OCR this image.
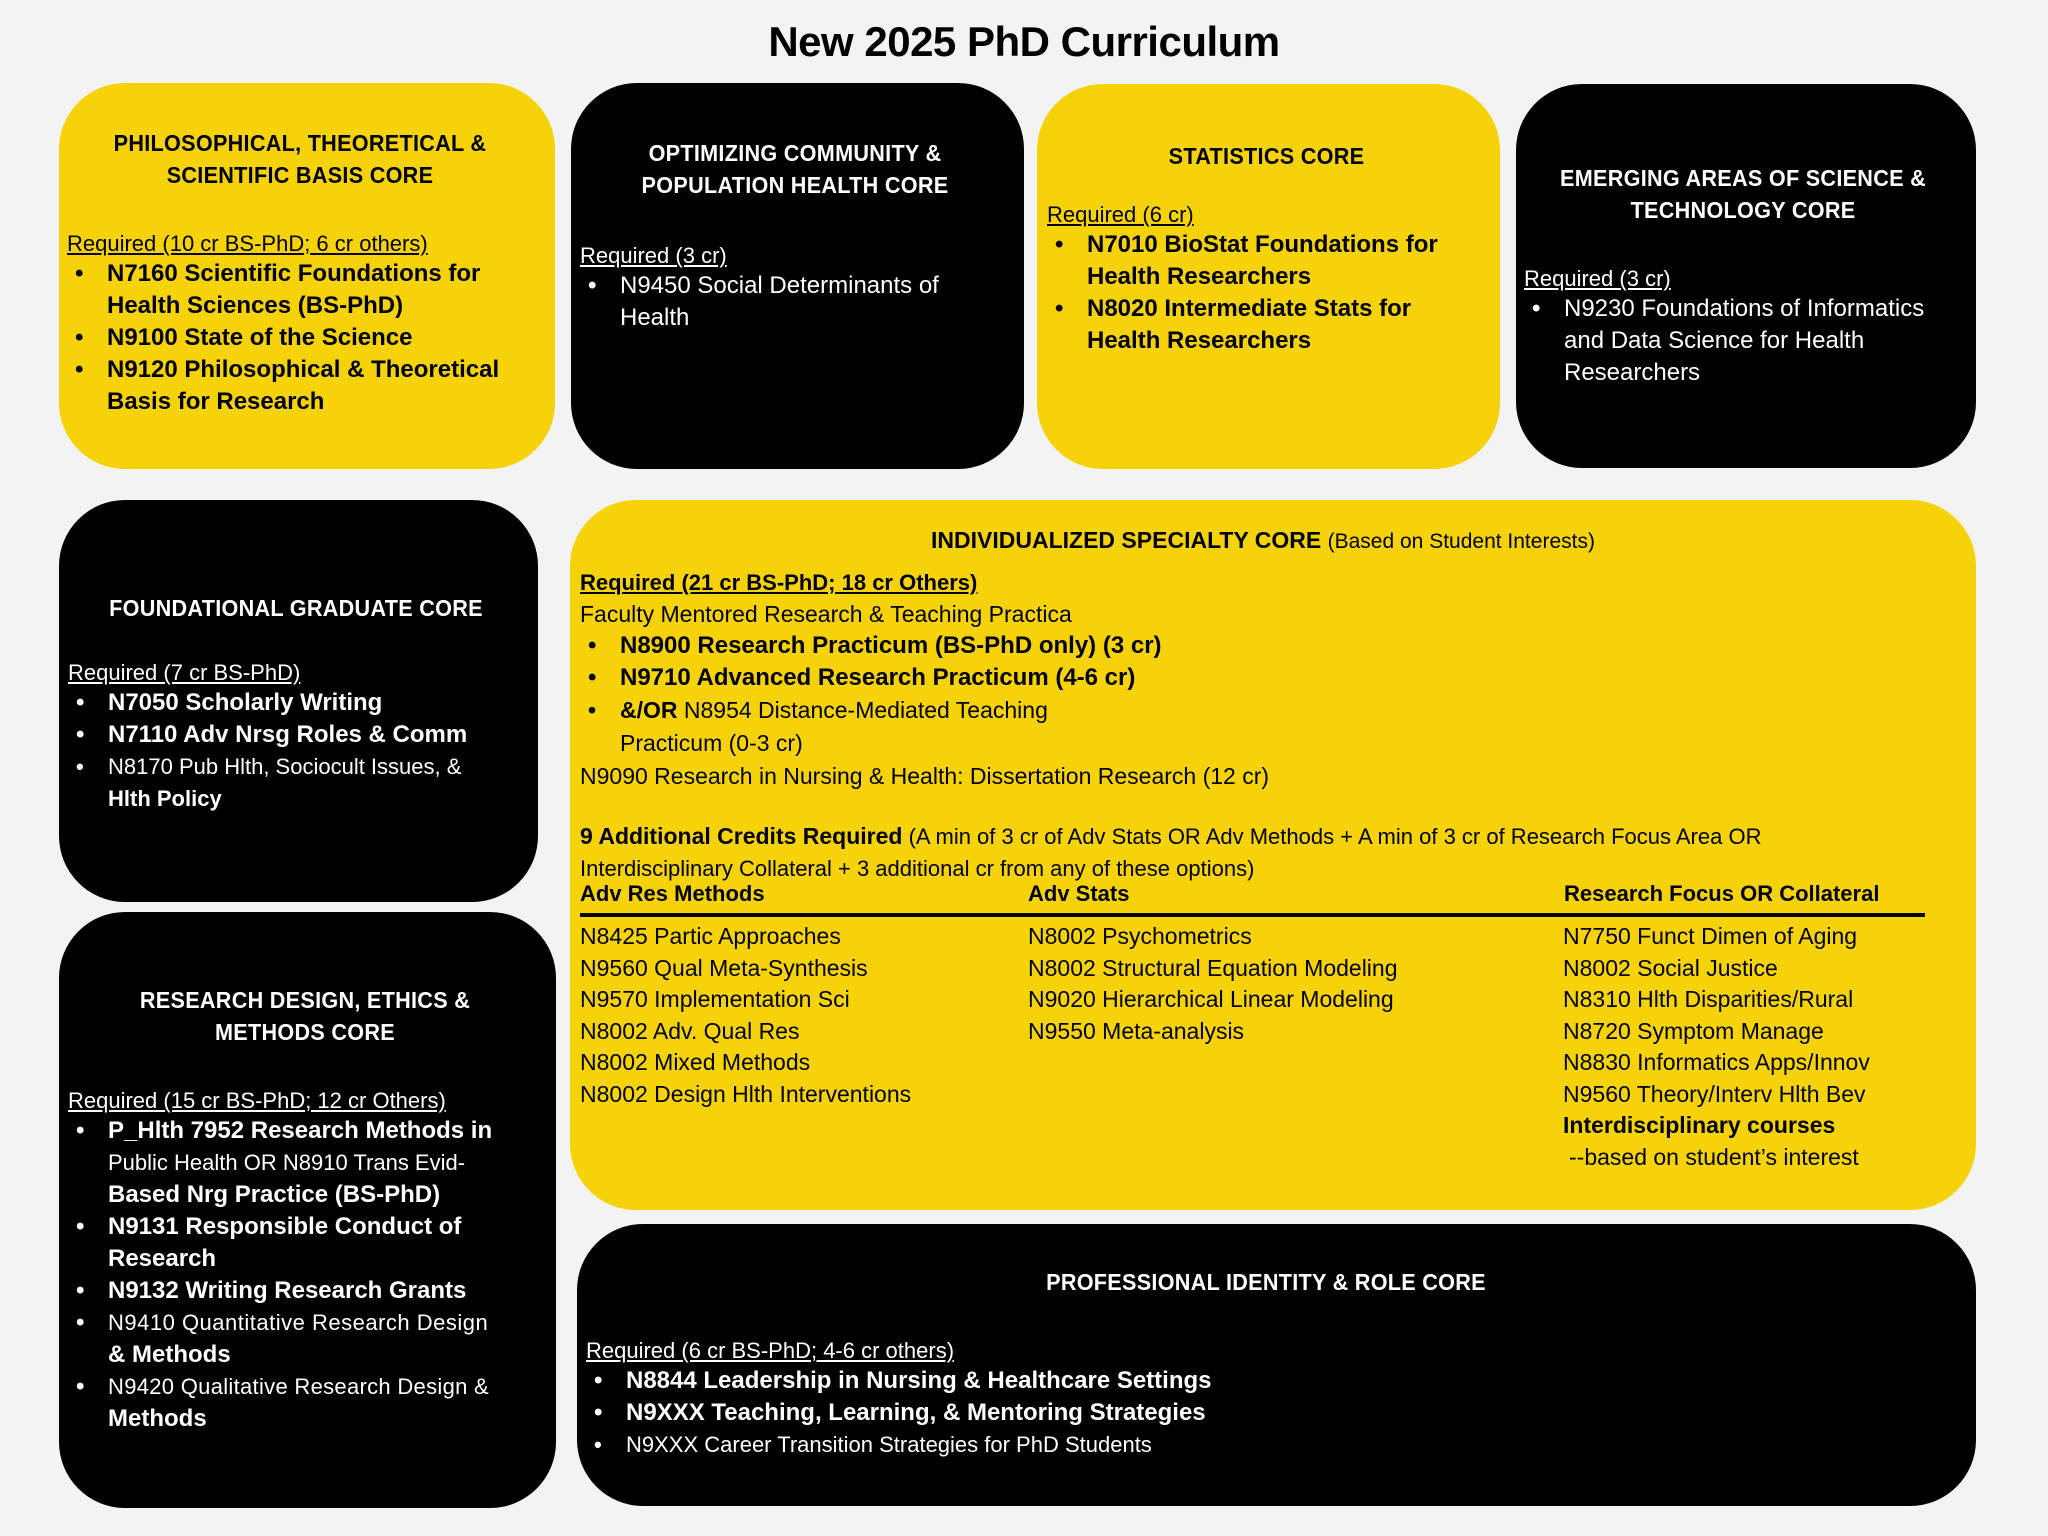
New 2025 PhD Curriculum
PHILOSOPHICAL, THEORETICAL &
SCIENTIFIC BASIS CORE
Required (10 cr BS-PhD; 6 cr others)
• N7160 Scientific Foundations for Health Sciences (BS-PhD)
• N9100 State of the Science
• N9120 Philosophical & Theoretical Basis for Research
OPTIMIZING COMMUNITY &
POPULATION HEALTH CORE
Required (3 cr)
• N9450 Social Determinants of Health
STATISTICS CORE
Required (6 cr)
• N7010 BioStat Foundations for Health Researchers
• N8020 Intermediate Stats for Health Researchers
EMERGING AREAS OF SCIENCE &
TECHNOLOGY CORE
Required (3 cr)
• N9230 Foundations of Informatics and Data Science for Health Researchers
FOUNDATIONAL GRADUATE CORE
Required (7 cr BS-PhD)
• N7050 Scholarly Writing
• N7110 Adv Nrsg Roles & Comm
• N8170 Pub Hlth, Sociocult Issues, &
Hlth Policy
RESEARCH DESIGN, ETHICS &
METHODS CORE
Required (15 cr BS-PhD; 12 cr Others)
• P_Hlth 7952 Research Methods in
Public Health OR N8910 Trans Evid-
Based Nrg Practice (BS-PhD)
• N9131 Responsible Conduct of Research
• N9132 Writing Research Grants
• N9410 Quantitative Research Design
& Methods
• N9420 Qualitative Research Design &
Methods
INDIVIDUALIZED SPECIALTY CORE (Based on Student Interests)
Required (21 cr BS-PhD; 18 cr Others)
Faculty Mentored Research & Teaching Practica
• N8900 Research Practicum (BS-PhD only) (3 cr)
• N9710 Advanced Research Practicum (4-6 cr)
• &/OR N8954 Distance-Mediated Teaching
Practicum (0-3 cr)
N9090 Research in Nursing & Health: Dissertation Research (12 cr)
9 Additional Credits Required (A min of 3 cr of Adv Stats OR Adv Methods + A min of 3 cr of Research Focus Area OR
Interdisciplinary Collateral + 3 additional cr from any of these options)
Adv Res Methods	Adv Stats	Research Focus OR Collateral
N8425 Partic Approaches
N9560 Qual Meta-Synthesis
N9570 Implementation Sci
N8002 Adv. Qual Res
N8002 Mixed Methods
N8002 Design Hlth Interventions
N8002 Psychometrics
N8002 Structural Equation Modeling
N9020 Hierarchical Linear Modeling
N9550 Meta-analysis
N7750 Funct Dimen of Aging
N8002 Social Justice
N8310 Hlth Disparities/Rural
N8720 Symptom Manage
N8830 Informatics Apps/Innov
N9560 Theory/Interv Hlth Bev
Interdisciplinary courses
--based on student’s interest
PROFESSIONAL IDENTITY & ROLE CORE
Required (6 cr BS-PhD; 4-6 cr others)
• N8844 Leadership in Nursing & Healthcare Settings
• N9XXX Teaching, Learning, & Mentoring Strategies
• N9XXX Career Transition Strategies for PhD Students
